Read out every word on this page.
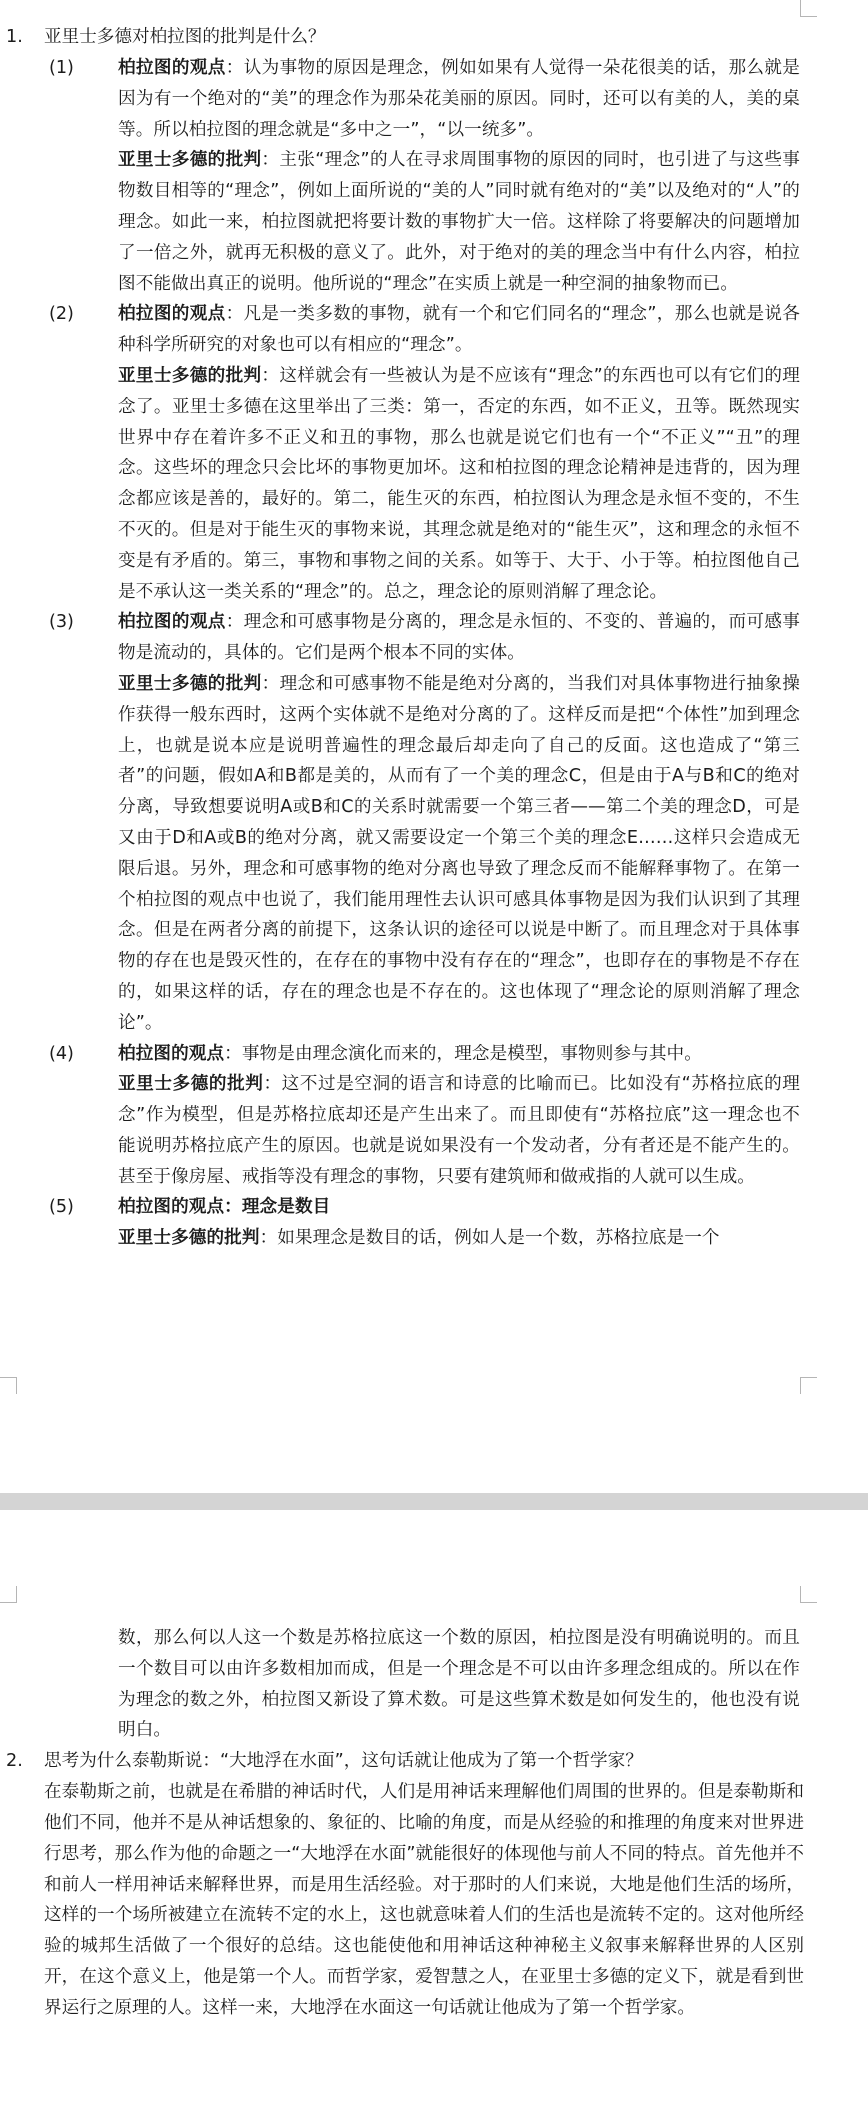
1. 亚里士多德对柏拉图的批判是什么？
(1)	柏拉图的观点：认为事物的原因是理念，例如如果有人觉得一朵花很美的话，那么就是因为有一个绝对的“美”的理念作为那朵花美丽的原因。同时，还可以有美的人，美的桌等。所以柏拉图的理念就是“多中之一”，“以一统多”。
亚里士多德的批判：主张“理念”的人在寻求周围事物的原因的同时，也引进了与这些事物数目相等的“理念”，例如上面所说的“美的人”同时就有绝对的“美”以及绝对的“人”的理念。如此一来，柏拉图就把将要计数的事物扩大一倍。这样除了将要解决的问题增加了一倍之外，就再无积极的意义了。此外，对于绝对的美的理念当中有什么内容，柏拉图不能做出真正的说明。他所说的“理念”在实质上就是一种空洞的抽象物而已。
(2)	柏拉图的观点：凡是一类多数的事物，就有一个和它们同名的“理念”，那么也就是说各种科学所研究的对象也可以有相应的“理念”。
亚里士多德的批判：这样就会有一些被认为是不应该有“理念”的东西也可以有它们的理念了。亚里士多德在这里举出了三类：第一，否定的东西，如不正义，丑等。既然现实世界中存在着许多不正义和丑的事物，那么也就是说它们也有一个“不正义”“丑”的理念。这些坏的理念只会比坏的事物更加坏。这和柏拉图的理念论精神是违背的，因为理念都应该是善的，最好的。第二，能生灭的东西，柏拉图认为理念是永恒不变的，不生不灭的。但是对于能生灭的事物来说，其理念就是绝对的“能生灭”，这和理念的永恒不变是有矛盾的。第三，事物和事物之间的关系。如等于、大于、小于等。柏拉图他自己是不承认这一类关系的“理念”的。总之，理念论的原则消解了理念论。
(3)	柏拉图的观点：理念和可感事物是分离的，理念是永恒的、不变的、普遍的，而可感事物是流动的，具体的。它们是两个根本不同的实体。
亚里士多德的批判：理念和可感事物不能是绝对分离的，当我们对具体事物进行抽象操作获得一般东西时，这两个实体就不是绝对分离的了。这样反而是把“个体性”加到理念上，也就是说本应是说明普遍性的理念最后却走向了自己的反面。这也造成了“第三者”的问题，假如A和B都是美的，从而有了一个美的理念C，但是由于A与B和C的绝对分离，导致想要说明A或B和C的关系时就需要一个第三者——第二个美的理念D，可是又由于D和A或B的绝对分离，就又需要设定一个第三个美的理念E……这样只会造成无限后退。另外，理念和可感事物的绝对分离也导致了理念反而不能解释事物了。在第一个柏拉图的观点中也说了，我们能用理性去认识可感具体事物是因为我们认识到了其理念。但是在两者分离的前提下，这条认识的途径可以说是中断了。而且理念对于具体事物的存在也是毁灭性的，在存在的事物中没有存在的“理念”，也即存在的事物是不存在的，如果这样的话，存在的理念也是不存在的。这也体现了“理念论的原则消解了理念论”。
(4)	柏拉图的观点：事物是由理念演化而来的，理念是模型，事物则参与其中。
亚里士多德的批判：这不过是空洞的语言和诗意的比喻而已。比如没有“苏格拉底的理念”作为模型，但是苏格拉底却还是产生出来了。而且即使有“苏格拉底”这一理念也不能说明苏格拉底产生的原因。也就是说如果没有一个发动者，分有者还是不能产生的。甚至于像房屋、戒指等没有理念的事物，只要有建筑师和做戒指的人就可以生成。
(5)	柏拉图的观点：理念是数目
亚里士多德的批判：如果理念是数目的话，例如人是一个数，苏格拉底是一个
数，那么何以人这一个数是苏格拉底这一个数的原因，柏拉图是没有明确说明的。而且一个数目可以由许多数相加而成，但是一个理念是不可以由许多理念组成的。所以在作为理念的数之外，柏拉图又新设了算术数。可是这些算术数是如何发生的，他也没有说明白。
2. 思考为什么泰勒斯说：“大地浮在水面”，这句话就让他成为了第一个哲学家？
在泰勒斯之前，也就是在希腊的神话时代，人们是用神话来理解他们周围的世界的。但是泰勒斯和他们不同，他并不是从神话想象的、象征的、比喻的角度，而是从经验的和推理的角度来对世界进行思考，那么作为他的命题之一“大地浮在水面”就能很好的体现他与前人不同的特点。首先他并不和前人一样用神话来解释世界，而是用生活经验。对于那时的人们来说，大地是他们生活的场所，这样的一个场所被建立在流转不定的水上，这也就意味着人们的生活也是流转不定的。这对他所经验的城邦生活做了一个很好的总结。这也能使他和用神话这种神秘主义叙事来解释世界的人区别开，在这个意义上，他是第一个人。而哲学家，爱智慧之人，在亚里士多德的定义下，就是看到世界运行之原理的人。这样一来，大地浮在水面这一句话就让他成为了第一个哲学家。
